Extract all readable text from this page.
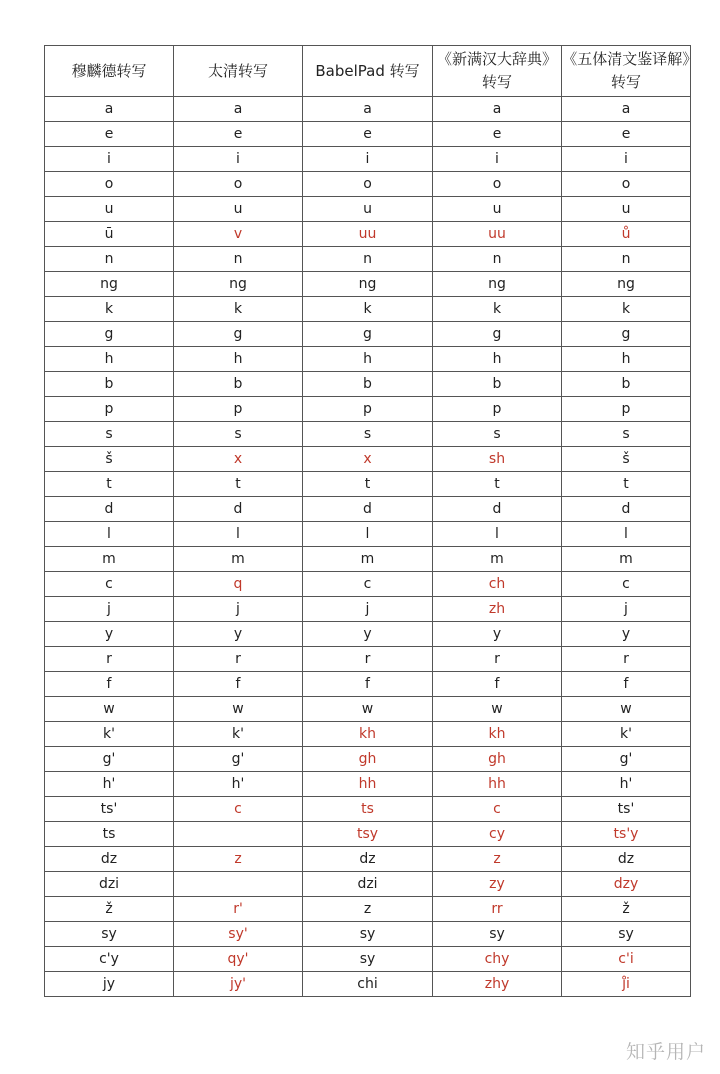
穆麟德转写	太清转写	BabelPad 转写	《新满汉大辞典》转写	《五体清文鉴译解》转写
a	a	a	a	a
e	e	e	e	e
i	i	i	i	i
o	o	o	o	o
u	u	u	u	u
ū	v	uu	uu	ů
n	n	n	n	n
ng	ng	ng	ng	ng
k	k	k	k	k
g	g	g	g	g
h	h	h	h	h
b	b	b	b	b
p	p	p	p	p
s	s	s	s	s
š	x	x	sh	š
t	t	t	t	t
d	d	d	d	d
l	l	l	l	l
m	m	m	m	m
c	q	c	ch	c
j	j	j	zh	j
y	y	y	y	y
r	r	r	r	r
f	f	f	f	f
w	w	w	w	w
k'	k'	kh	kh	k'
g'	g'	gh	gh	g'
h'	h'	hh	hh	h'
ts'	c	ts	c	ts'
ts		tsy	cy	ts'y
dz	z	dz	z	dz
dzi		dzi	zy	dzy
ž	r'	z	rr	ž
sy	sy'	sy	sy	sy
c'y	qy'	sy	chy	c'i
jy	jy'	chi	zhy	j̊i
知乎用户
